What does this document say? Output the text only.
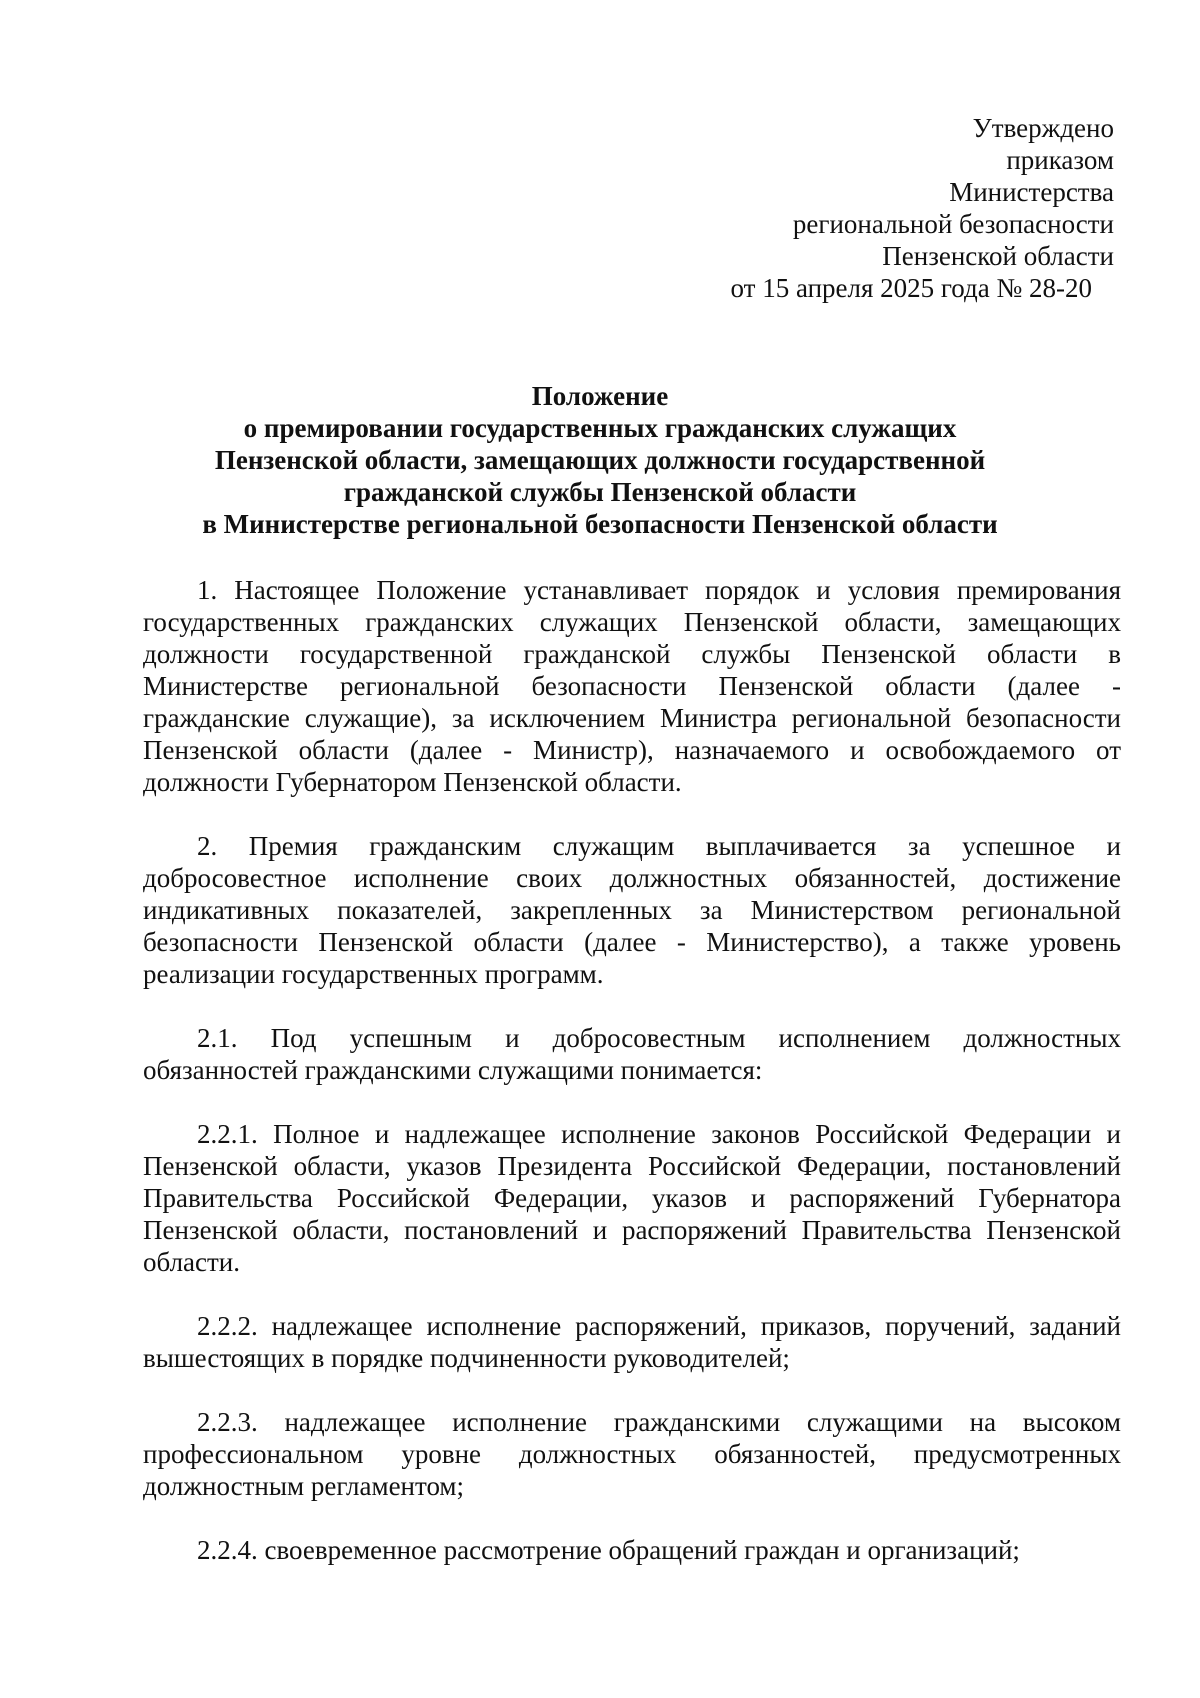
Утверждено
приказом
Министерства
региональной безопасности
Пензенской области
от 15 апреля 2025 года № 28-20
Положение
о премировании государственных гражданских служащих
Пензенской области, замещающих должности государственной
гражданской службы Пензенской области
в Министерстве региональной безопасности Пензенской области

1. Настоящее Положение устанавливает порядок и условия премирования государственных гражданских служащих Пензенской области, замещающих должности государственной гражданской службы Пензенской области в Министерстве региональной безопасности Пензенской области (далее - гражданские служащие), за исключением Министра региональной безопасности Пензенской области (далее - Министр), назначаемого и освобождаемого от должности Губернатором Пензенской области.

2. Премия гражданским служащим выплачивается за успешное и добросовестное исполнение своих должностных обязанностей, достижение индикативных показателей, закрепленных за Министерством региональной безопасности Пензенской области (далее - Министерство), а также уровень реализации государственных программ.

2.1. Под успешным и добросовестным исполнением должностных обязанностей гражданскими служащими понимается:

2.2.1. Полное и надлежащее исполнение законов Российской Федерации и Пензенской области, указов Президента Российской Федерации, постановлений Правительства Российской Федерации, указов и распоряжений Губернатора Пензенской области, постановлений и распоряжений Правительства Пензенской области.

2.2.2. надлежащее исполнение распоряжений, приказов, поручений, заданий вышестоящих в порядке подчиненности руководителей;

2.2.3. надлежащее исполнение гражданскими служащими на высоком профессиональном уровне должностных обязанностей, предусмотренных должностным регламентом;

2.2.4. своевременное рассмотрение обращений граждан и организаций;
